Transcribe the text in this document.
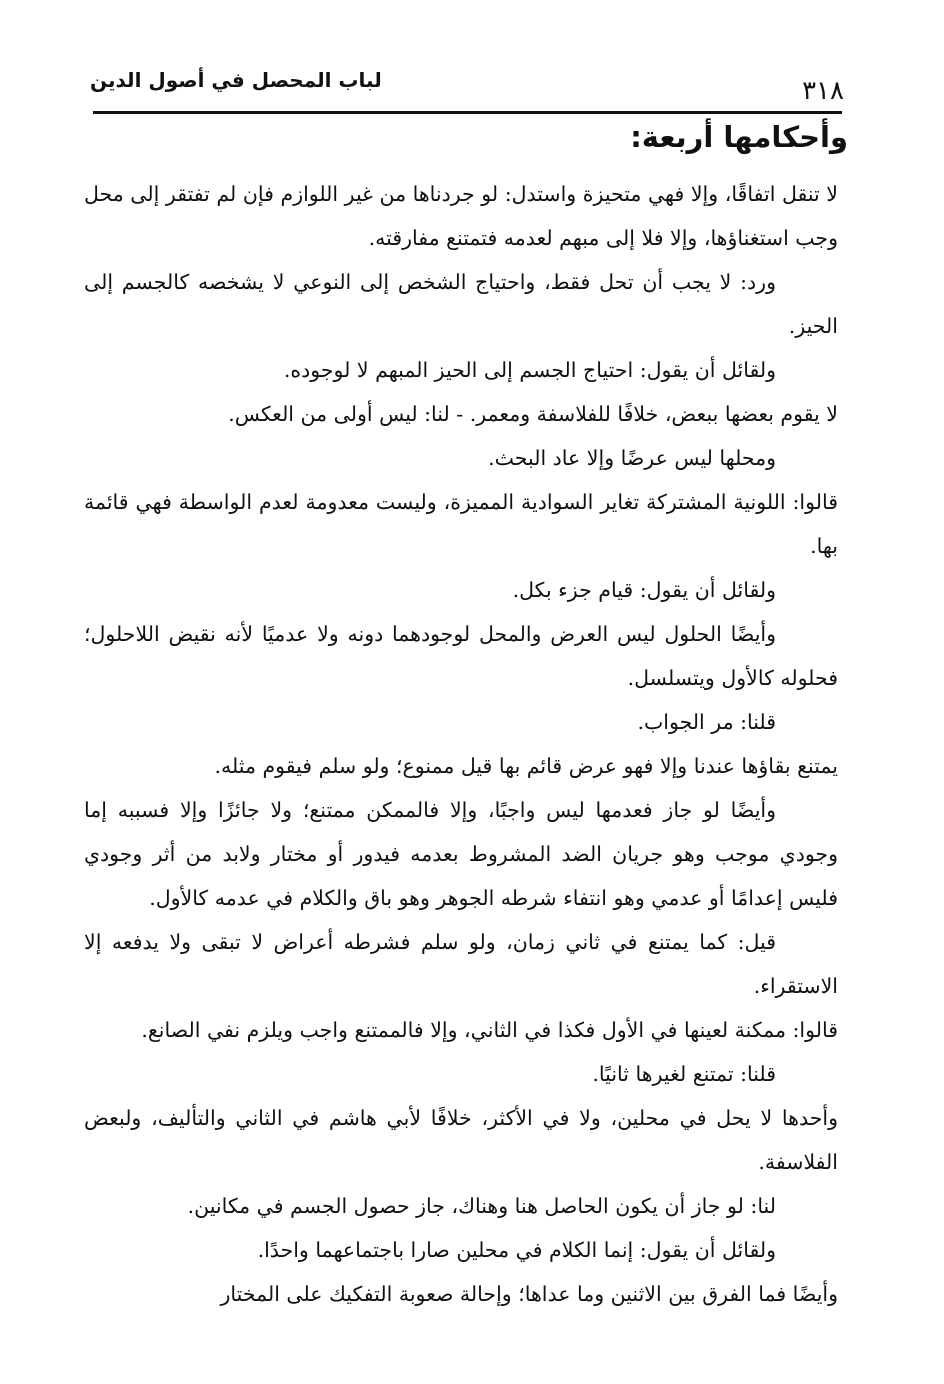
لباب المحصل في أصول الدين	٣١٨
وأحكامها أربعة:

لا تنقل اتفاقًا، وإلا فهي متحيزة واستدل: لو جردناها من غير اللوازم فإن لم تفتقر إلى محل وجب استغناؤها، وإلا فلا إلى مبهم لعدمه فتمتنع مفارقته.

ورد: لا يجب أن تحل فقط، واحتياج الشخص إلى النوعي لا يشخصه كالجسم إلى الحيز.

ولقائل أن يقول: احتياج الجسم إلى الحيز المبهم لا لوجوده.

لا يقوم بعضها ببعض، خلافًا للفلاسفة ومعمر. - لنا: ليس أولى من العكس.

ومحلها ليس عرضًا وإلا عاد البحث.

قالوا: اللونية المشتركة تغاير السوادية المميزة، وليست معدومة لعدم الواسطة فهي قائمة بها.

ولقائل أن يقول: قيام جزء بكل.

وأيضًا الحلول ليس العرض والمحل لوجودهما دونه ولا عدميًا لأنه نقيض اللاحلول؛ فحلوله كالأول ويتسلسل.

قلنا: مر الجواب.

يمتنع بقاؤها عندنا وإلا فهو عرض قائم بها قيل ممنوع؛ ولو سلم فيقوم مثله.

وأيضًا لو جاز فعدمها ليس واجبًا، وإلا فالممكن ممتنع؛ ولا جائزًا وإلا فسببه إما وجودي موجب وهو جريان الضد المشروط بعدمه فيدور أو مختار ولابد من أثر وجودي فليس إعدامًا أو عدمي وهو انتفاء شرطه الجوهر وهو باق والكلام في عدمه كالأول.

قيل: كما يمتنع في ثاني زمان، ولو سلم فشرطه أعراض لا تبقى ولا يدفعه إلا الاستقراء.

قالوا: ممكنة لعينها في الأول فكذا في الثاني، وإلا فالممتنع واجب ويلزم نفي الصانع.

قلنا: تمتنع لغيرها ثانيًا.

وأحدها لا يحل في محلين، ولا في الأكثر، خلافًا لأبي هاشم في الثاني والتأليف، ولبعض الفلاسفة.

لنا: لو جاز أن يكون الحاصل هنا وهناك، جاز حصول الجسم في مكانين.

ولقائل أن يقول: إنما الكلام في محلين صارا باجتماعهما واحدًا.

وأيضًا فما الفرق بين الاثنين وما عداها؛ وإحالة صعوبة التفكيك على المختار
